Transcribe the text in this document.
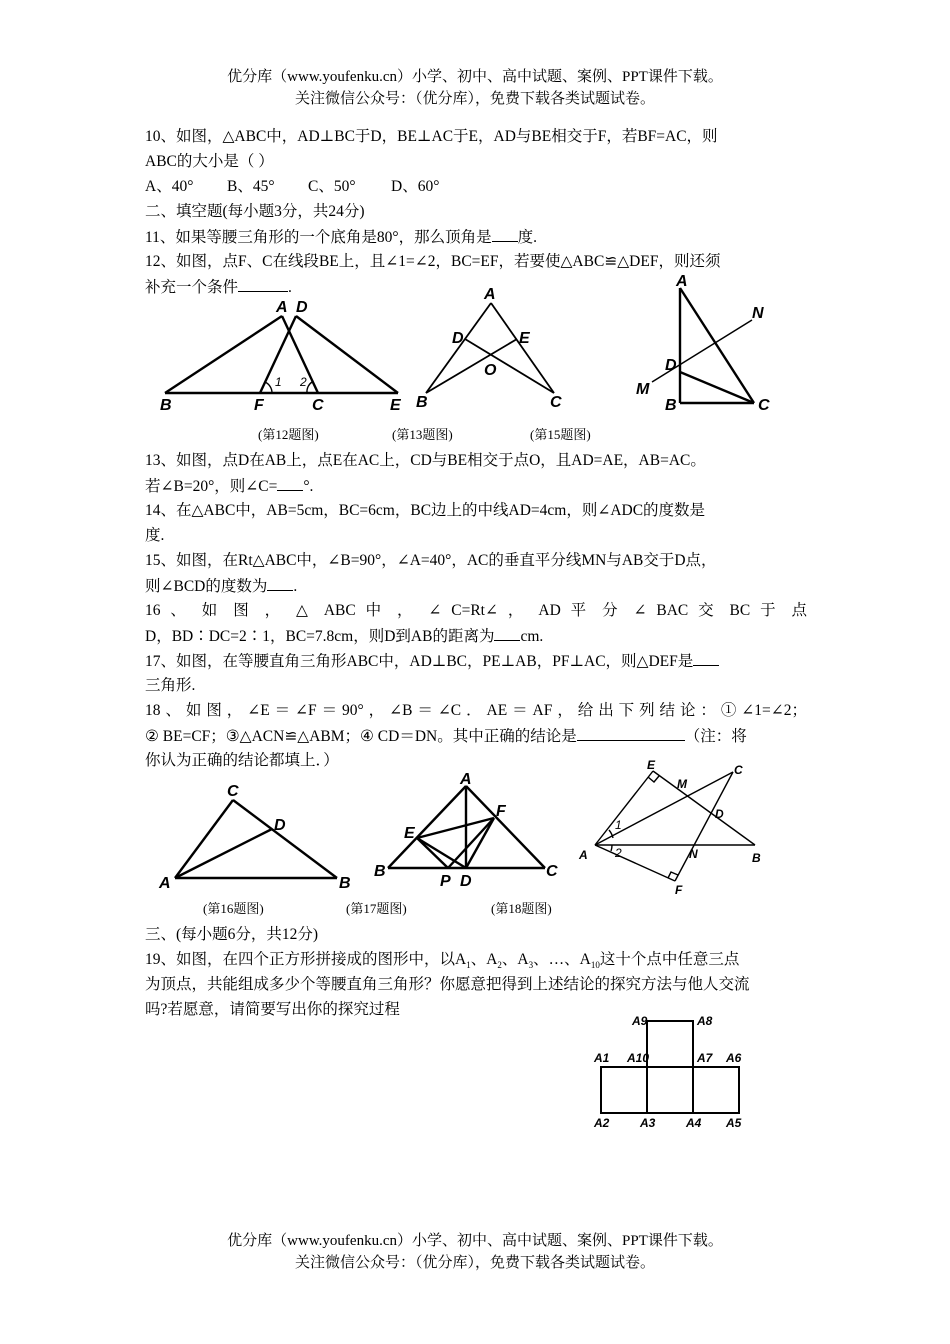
优分库（www.youfenku.cn）小学、初中、高中试题、案例、PPT课件下载。
关注微信公众号：（优分库），免费下载各类试题试卷。
10、如图，△ABC中，AD⊥BC于D，BE⊥AC于E，AD与BE相交于F，若BF=AC，则
ABC的大小是（ ）
A、40° B、45° C、50° D、60°
二、填空题(每小题3分，共24分)
11、如果等腰三角形的一个底角是80°，那么顶角是 度.
12、如图，点F、C在线段BE上，且∠1=∠2，BC=EF，若要使△ABC≌△DEF，则还须
补充一个条件	.
A D
B	F	C	E
1 2
A
D	E
O
B	C
A
N
D
M
B	C
(第12题图)	(第13题图)	(第15题图)
13、如图，点D在AB上，点E在AC上，CD与BE相交于点O，且AD=AE，AB=AC。
若∠B=20°，则∠C= °.
14、在△ABC中，AB=5cm，BC=6cm，BC边上的中线AD=4cm，则∠ADC的度数是
度.
15、如图，在Rt△ABC中，∠B=90°，∠A=40°，AC的垂直平分线MN与AB交于D点，
则∠BCD的度数为 .
16 、 如 图 ， △ ABC 中 ， ∠ C=Rt∠ ， AD 平 分 ∠ BAC 交 BC 于 点
D，BD∶DC=2∶1，BC=7.8cm，则D到AB的距离为 cm.
17、如图，在等腰直角三角形ABC中，AD⊥BC，PE⊥AB，PF⊥AC，则△DEF是
三角形.
18、如图，∠E＝∠F＝90°，∠B＝∠C．AE＝AF，给出下列结论：①∠1=∠2；
② BE=CF；③△ACN≌△ABM；④ CD＝DN。其中正确的结论是	（注：将
你认为正确的结论都填上．）
C
D
A	B
A
E
F
B
P D
C
E
M
C
D
A	N	B
F
1
2
(第16题图)	(第17题图)	(第18题图)
三、(每小题6分，共12分)
19、如图，在四个正方形拼接成的图形中，以$A_1$、$A_2$、$A_3$、…、$A_{10}$这十个点中任意三点
为顶点，共能组成多少个等腰直角三角形？你愿意把得到上述结论的探究方法与他人交流
吗?若愿意，请简要写出你的探究过程
A9	A8
A1 A10	A7 A6
A2	A3	A4 A5
优分库（www.youfenku.cn）小学、初中、高中试题、案例、PPT课件下载。
关注微信公众号：（优分库），免费下载各类试题试卷。
